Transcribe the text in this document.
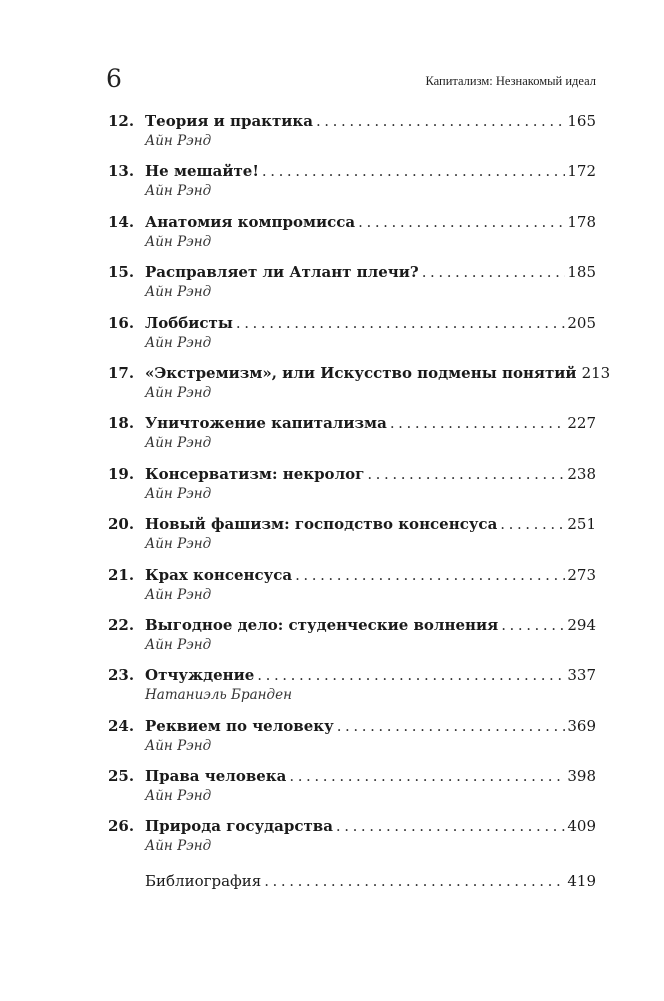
6	Капитализм: Незнакомый идеал
12. Теория и практика . . .	165
Айн Рэнд
13. Не мешайте! . . .	172
Айн Рэнд
14. Анатомия компромисса . . .	178
Айн Рэнд
15. Расправляет ли Атлант плечи? . . .	185
Айн Рэнд
16. Лоббисты . . .	205
Айн Рэнд
17. «Экстремизм», или Искусство подмены понятий 213
Айн Рэнд
18. Уничтожение капитализма . . .	227
Айн Рэнд
19. Консерватизм: некролог . . .	238
Айн Рэнд
20. Новый фашизм: господство консенсуса . . .	251
Айн Рэнд
21. Крах консенсуса . . .	273
Айн Рэнд
22. Выгодное дело: студенческие волнения . . .	294
Айн Рэнд
23. Отчуждение . . .	337
Натаниэль Бранден
24. Реквием по человеку . . .	369
Айн Рэнд
25. Права человека . . .	398
Айн Рэнд
26. Природа государства . . .	409
Айн Рэнд
Библиография . . .	419
